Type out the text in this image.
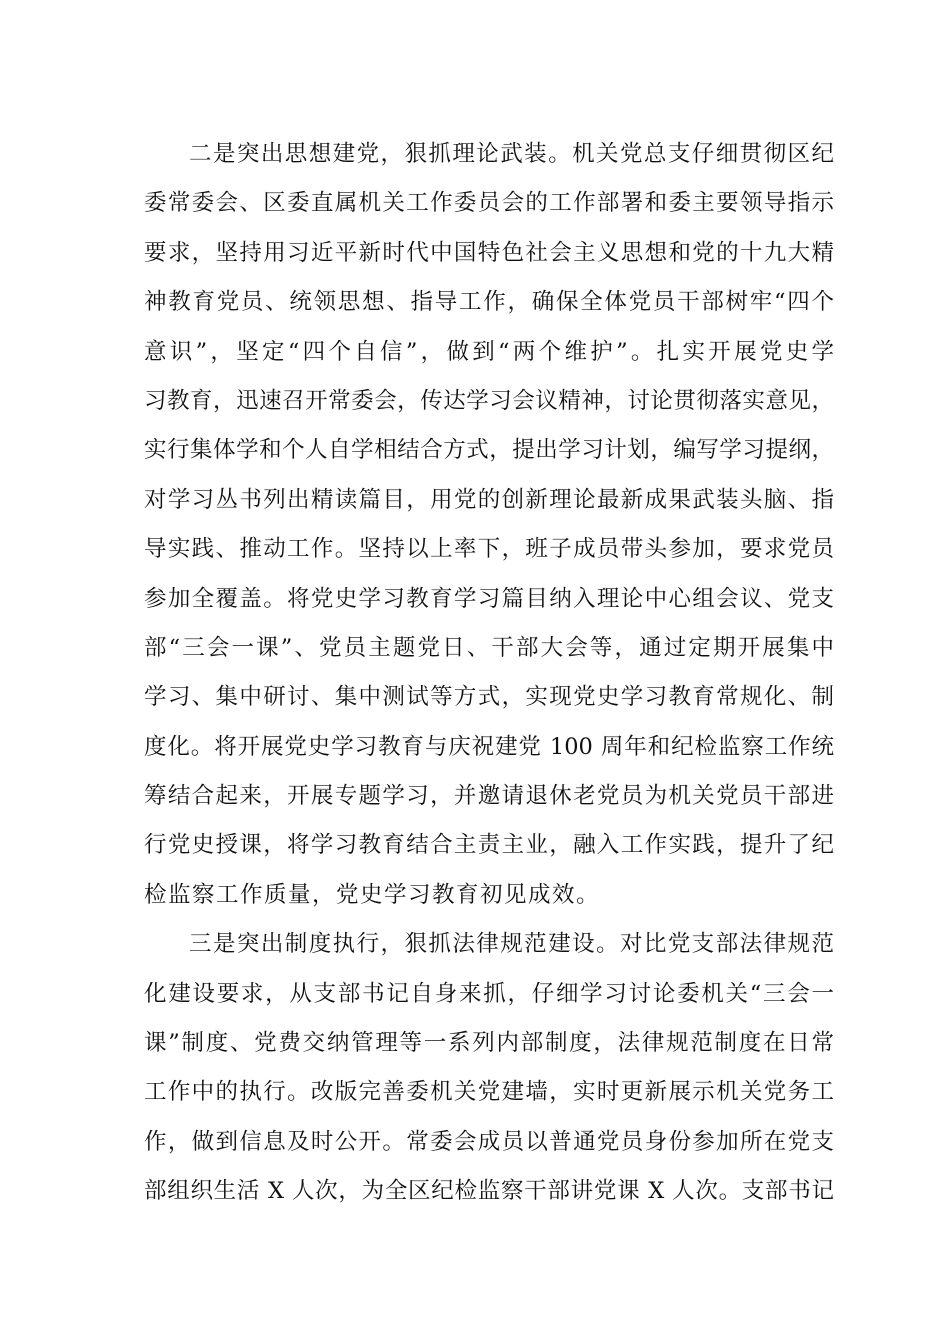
二是突出思想建党，狠抓理论武装。机关党总支仔细贯彻区纪
委常委会、区委直属机关工作委员会的工作部署和委主要领导指示
要求，坚持用习近平新时代中国特色社会主义思想和党的十九大精
神教育党员、统领思想、指导工作，确保全体党员干部树牢“四个
意识”，坚定“四个自信”，做到“两个维护”。扎实开展党史学
习教育，迅速召开常委会，传达学习会议精神，讨论贯彻落实意见，
实行集体学和个人自学相结合方式，提出学习计划，编写学习提纲，
对学习丛书列出精读篇目，用党的创新理论最新成果武装头脑、指
导实践、推动工作。坚持以上率下，班子成员带头参加，要求党员
参加全覆盖。将党史学习教育学习篇目纳入理论中心组会议、党支
部“三会一课”、党员主题党日、干部大会等，通过定期开展集中
学习、集中研讨、集中测试等方式，实现党史学习教育常规化、制
度化。将开展党史学习教育与庆祝建党 100 周年和纪检监察工作统
筹结合起来，开展专题学习，并邀请退休老党员为机关党员干部进
行党史授课，将学习教育结合主责主业，融入工作实践，提升了纪
检监察工作质量，党史学习教育初见成效。
三是突出制度执行，狠抓法律规范建设。对比党支部法律规范
化建设要求，从支部书记自身来抓，仔细学习讨论委机关“三会一
课”制度、党费交纳管理等一系列内部制度，法律规范制度在日常
工作中的执行。改版完善委机关党建墙，实时更新展示机关党务工
作，做到信息及时公开。常委会成员以普通党员身份参加所在党支
部组织生活 X 人次，为全区纪检监察干部讲党课 X 人次。支部书记
